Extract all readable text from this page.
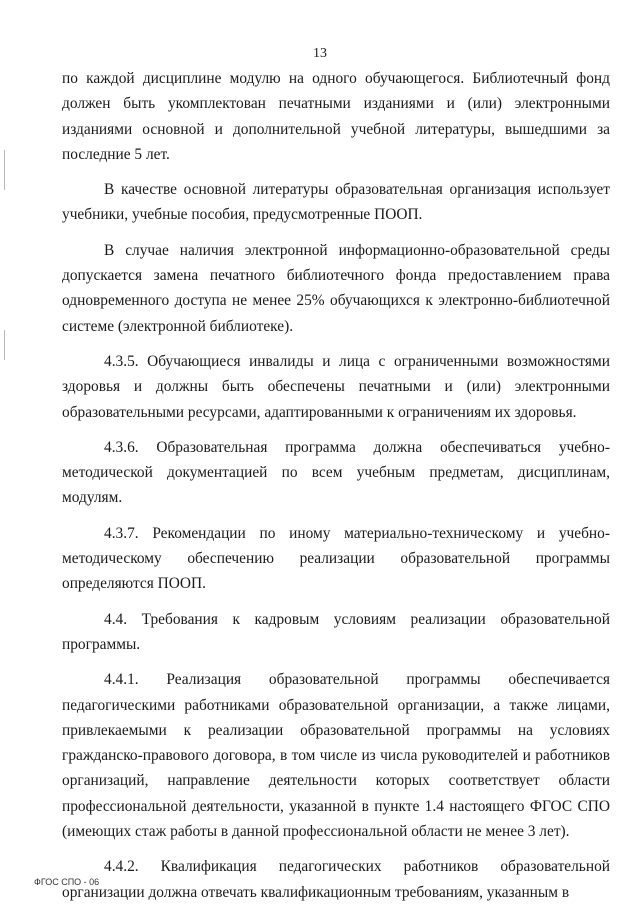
13

по каждой дисциплине модулю на одного обучающегося. Библиотечный фонд должен быть укомплектован печатными изданиями и (или) электронными изданиями основной и дополнительной учебной литературы, вышедшими за последние 5 лет.

В качестве основной литературы образовательная организация использует учебники, учебные пособия, предусмотренные ПООП.

В случае наличия электронной информационно-образовательной среды допускается замена печатного библиотечного фонда предоставлением права одновременного доступа не менее 25% обучающихся к электронно-библиотечной системе (электронной библиотеке).

4.3.5. Обучающиеся инвалиды и лица с ограниченными возможностями здоровья и должны быть обеспечены печатными и (или) электронными образовательными ресурсами, адаптированными к ограничениям их здоровья.

4.3.6. Образовательная программа должна обеспечиваться учебно-методической документацией по всем учебным предметам, дисциплинам, модулям.

4.3.7. Рекомендации по иному материально-техническому и учебно-методическому обеспечению реализации образовательной программы определяются ПООП.

4.4. Требования к кадровым условиям реализации образовательной программы.

4.4.1. Реализация образовательной программы обеспечивается педагогическими работниками образовательной организации, а также лицами, привлекаемыми к реализации образовательной программы на условиях гражданско-правового договора, в том числе из числа руководителей и работников организаций, направление деятельности которых соответствует области профессиональной деятельности, указанной в пункте 1.4 настоящего ФГОС СПО (имеющих стаж работы в данной профессиональной области не менее 3 лет).

4.4.2. Квалификация педагогических работников образовательной организации должна отвечать квалификационным требованиям, указанным в

ФГОС СПО - 06
